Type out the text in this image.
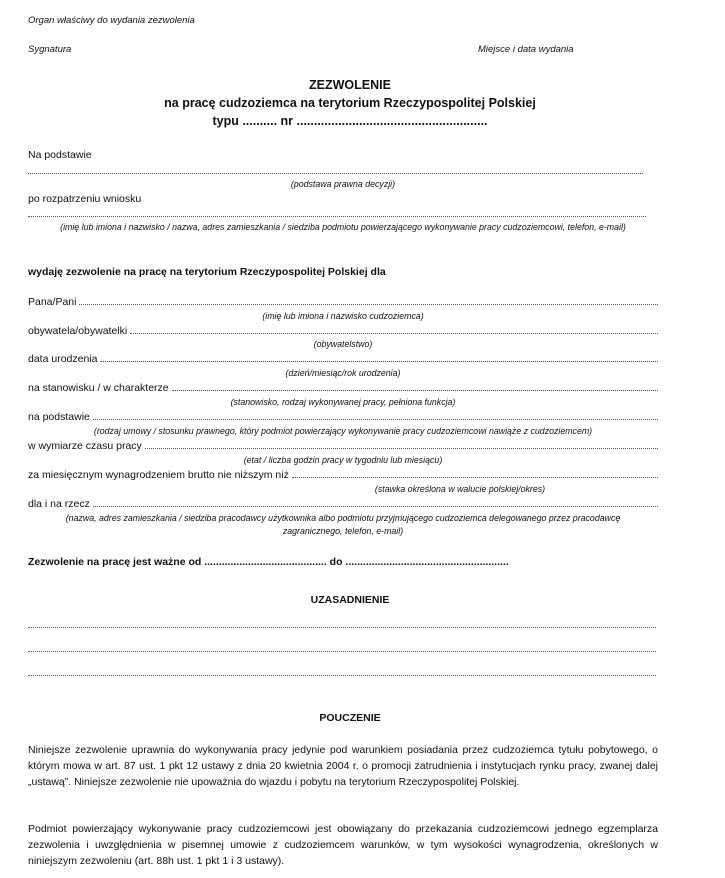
Organ właściwy do wydania zezwolenia
Sygnatura	Miejsce i data wydania
ZEZWOLENIE
na pracę cudzoziemca na terytorium Rzeczypospolitej Polskiej
typu .......... nr .......................................................
Na podstawie
(podstawa prawna decyzji)
po rozpatrzeniu wniosku
(imię lub imiona i nazwisko / nazwa, adres zamieszkania / siedziba podmiotu powierzającego wykonywanie pracy cudzoziemcowi, telefon, e-mail)
wydaję zezwolenie na pracę na terytorium Rzeczypospolitej Polskiej dla
Pana/Pani
(imię lub imiona i nazwisko cudzoziemca)
obywatela/obywatelki
(obywatelstwo)
data urodzenia
(dzień/miesiąc/rok urodzenia)
na stanowisku / w charakterze
(stanowisko, rodzaj wykonywanej pracy, pełniona funkcja)
na podstawie
(rodzaj umowy / stosunku prawnego, który podmiot powierzający wykonywanie pracy cudzoziemcowi nawiąże z cudzoziemcem)
w wymiarze czasu pracy
(etat / liczba godzin pracy w tygodniu lub miesiącu)
za miesięcznym wynagrodzeniem brutto nie niższym niż
(stawka określona w walucie polskiej/okres)
dla i na rzecz
(nazwa, adres zamieszkania / siedziba pracodawcy użytkownika albo podmiotu przyjmującego cudzoziemca delegowanego przez pracodawcę zagranicznego, telefon, e-mail)
Zezwolenie na pracę jest ważne od .......................................... do ........................................................
UZASADNIENIE
POUCZENIE
Niniejsze zezwolenie uprawnia do wykonywania pracy jedynie pod warunkiem posiadania przez cudzoziemca tytułu pobytowego, o którym mowa w art. 87 ust. 1 pkt 12 ustawy z dnia 20 kwietnia 2004 r. o promocji zatrudnienia i instytucjach rynku pracy, zwanej dalej „ustawą”. Niniejsze zezwolenie nie upoważnia do wjazdu i pobytu na terytorium Rzeczypospolitej Polskiej.
Podmiot powierzający wykonywanie pracy cudzoziemcowi jest obowiązany do przekazania cudzoziemcowi jednego egzemplarza zezwolenia i uwzględnienia w pisemnej umowie z cudzoziemcem warunków, w tym wysokości wynagrodzenia, określonych w niniejszym zezwoleniu (art. 88h ust. 1 pkt 1 i 3 ustawy).
